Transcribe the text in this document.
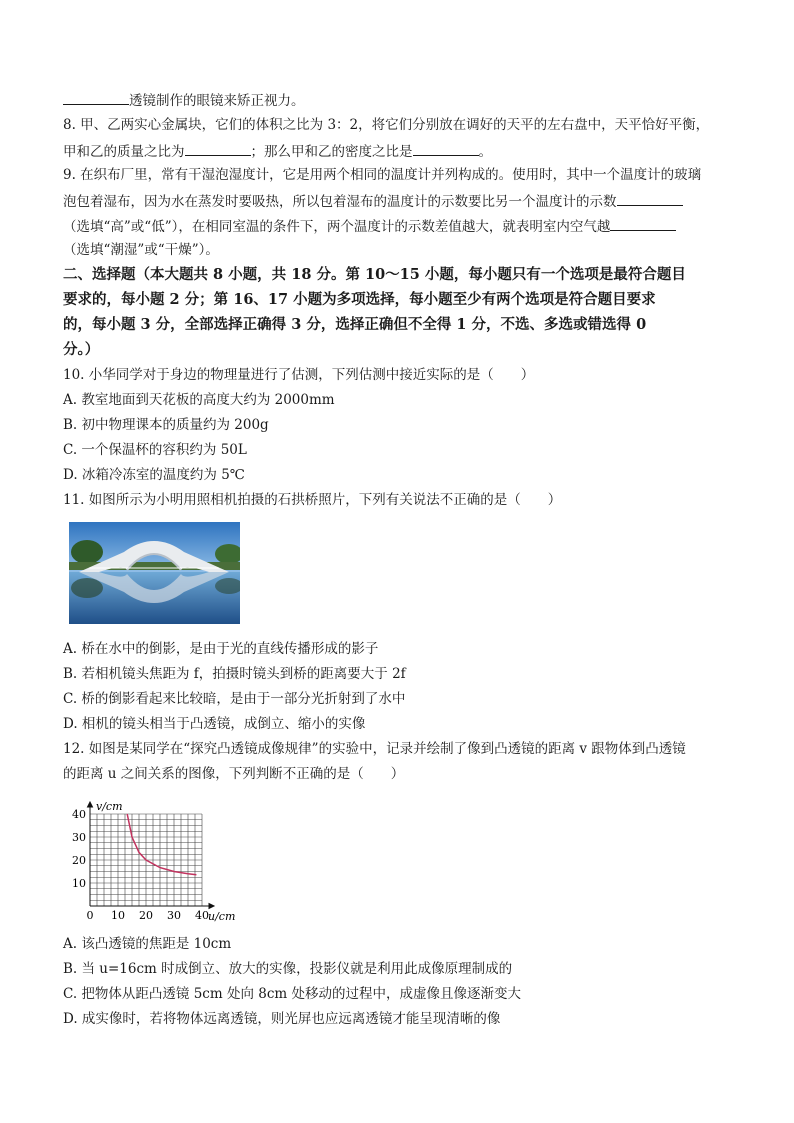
透镜制作的眼镜来矫正视力。
8. 甲、乙两实心金属块，它们的体积之比为 3：2，将它们分别放在调好的天平的左右盘中，天平恰好平衡，
甲和乙的质量之比为	；那么甲和乙的密度之比是	。
9. 在织布厂里，常有干湿泡湿度计，它是用两个相同的温度计并列构成的。使用时，其中一个温度计的玻璃
泡包着湿布，因为水在蒸发时要吸热，所以包着湿布的温度计的示数要比另一个温度计的示数
（选填“高”或“低”），在相同室温的条件下，两个温度计的示数差值越大，就表明室内空气越
（选填“潮湿”或“干燥”）。
二、选择题（本大题共 8 小题，共 18 分。第 10～15 小题，每小题只有一个选项是最符合题目
要求的，每小题 2 分；第 16、17 小题为多项选择，每小题至少有两个选项是符合题目要求
的，每小题 3 分，全部选择正确得 3 分，选择正确但不全得 1 分，不选、多选或错选得 0
分。）
10. 小华同学对于身边的物理量进行了估测，下列估测中接近实际的是（　　）
A. 教室地面到天花板的高度大约为 2000mm
B. 初中物理课本的质量约为 200g
C. 一个保温杯的容积约为 50L
D. 冰箱冷冻室的温度约为 5℃
11. 如图所示为小明用照相机拍摄的石拱桥照片，下列有关说法不正确的是（　　）
A. 桥在水中的倒影，是由于光的直线传播形成的影子
B. 若相机镜头焦距为 f，拍摄时镜头到桥的距离要大于 2f
C. 桥的倒影看起来比较暗，是由于一部分光折射到了水中
D. 相机的镜头相当于凸透镜，成倒立、缩小的实像
12. 如图是某同学在“探究凸透镜成像规律”的实验中，记录并绘制了像到凸透镜的距离 v 跟物体到凸透镜
的距离 u 之间关系的图像，下列判断不正确的是（　　）
0 10 20 30 40
10
20
30
40
v/cm
u/cm
A. 该凸透镜的焦距是 10cm
B. 当 u=16cm 时成倒立、放大的实像，投影仪就是利用此成像原理制成的
C. 把物体从距凸透镜 5cm 处向 8cm 处移动的过程中，成虚像且像逐渐变大
D. 成实像时，若将物体远离透镜，则光屏也应远离透镜才能呈现清晰的像
